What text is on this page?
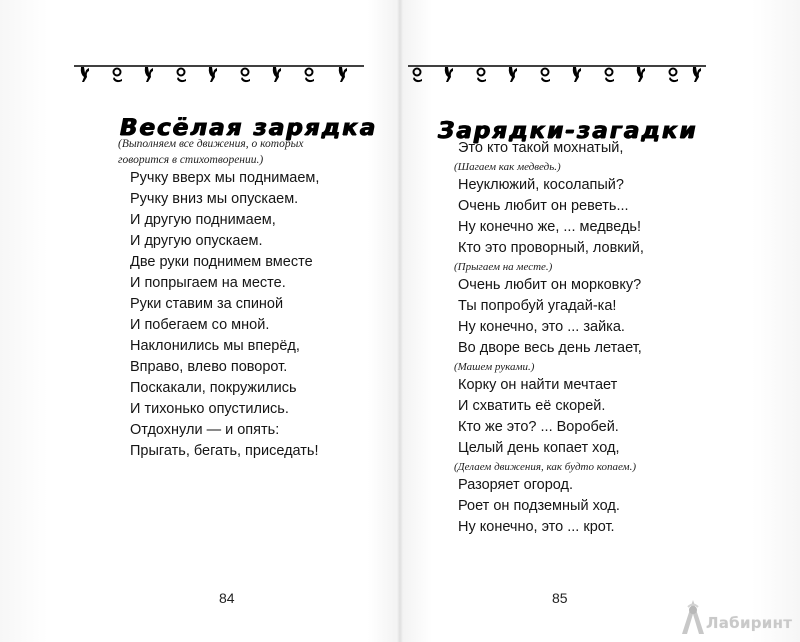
Весёлая зарядка
(Выполняем все движения, о которых
говорится в стихотворении.)
Ручку вверх мы поднимаем,
Ручку вниз мы опускаем.
И другую поднимаем,
И другую опускаем.
Две руки поднимем вместе
И попрыгаем на месте.
Руки ставим за спиной
И побегаем со мной.
Наклонились мы вперёд,
Вправо, влево поворот.
Поскакали, покружились
И тихонько опустились.
Отдохнули — и опять:
Прыгать, бегать, приседать!
84
Зарядки-загадки
Это кто такой мохнатый,
(Шагаем как медведь.)
Неуклюжий, косолапый?
Очень любит он реветь...
Ну конечно же, ... медведь!
Кто это проворный, ловкий,
(Прыгаем на месте.)
Очень любит он морковку?
Ты попробуй угадай-ка!
Ну конечно, это ... зайка.
Во дворе весь день летает,
(Машем руками.)
Корку он найти мечтает
И схватить её скорей.
Кто же это? ... Воробей.
Целый день копает ход,
(Делаем движения, как будто копаем.)
Разоряет огород.
Роет он подземный ход.
Ну конечно, это ... крот.
85
Лабиринт
